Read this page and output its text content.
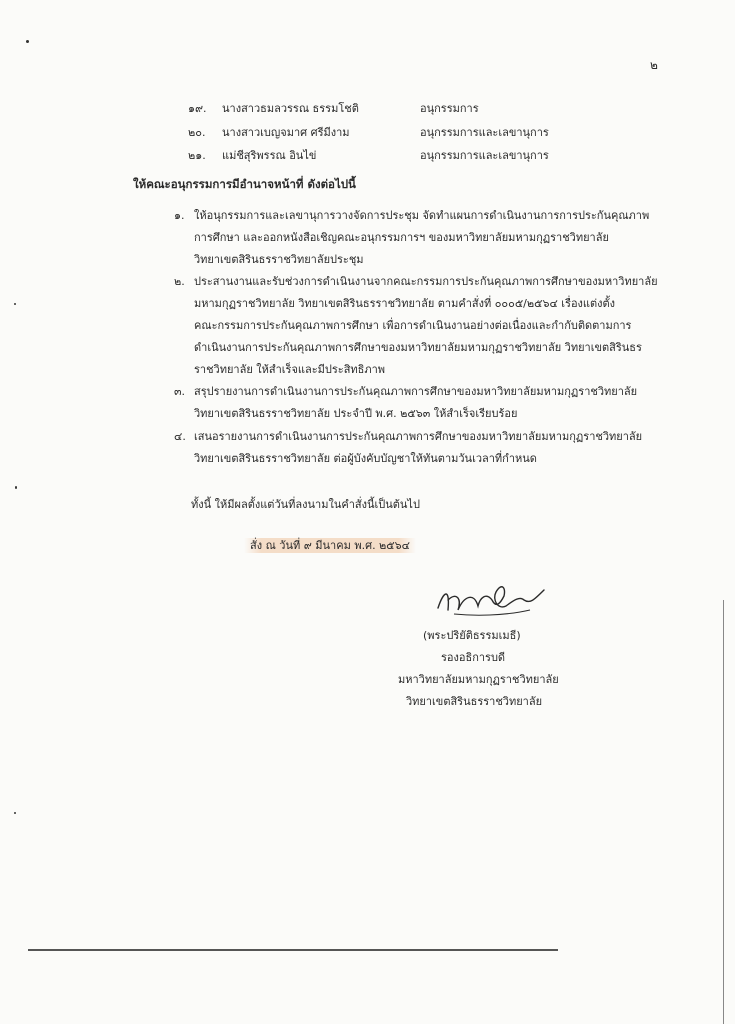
๒
๑๙. นางสาวธมลวรรณ ธรรมโชติ	อนุกรรมการ
๒๐. นางสาวเบญจมาศ ศรีมีงาม	อนุกรรมการและเลขานุการ
๒๑. แม่ชีสุริพรรณ อินไข่	อนุกรรมการและเลขานุการ
ให้คณะอนุกรรมการมีอำนาจหน้าที่ ดังต่อไปนี้
๑. ให้อนุกรรมการและเลขานุการวางจัดการประชุม จัดทำแผนการดำเนินงานการการประกันคุณภาพ
การศึกษา และออกหนังสือเชิญคณะอนุกรรมการฯ ของมหาวิทยาลัยมหามกุฏราชวิทยาลัย
วิทยาเขตสิรินธรราชวิทยาลัยประชุม
๒. ประสานงานและรับช่วงการดำเนินงานจากคณะกรรมการประกันคุณภาพการศึกษาของมหาวิทยาลัย
มหามกุฏราชวิทยาลัย วิทยาเขตสิรินธรราชวิทยาลัย ตามคำสั่งที่ ๐๐๐๕/๒๕๖๔ เรื่องแต่งตั้ง
คณะกรรมการประกันคุณภาพการศึกษา เพื่อการดำเนินงานอย่างต่อเนื่องและกำกับติดตามการ
ดำเนินงานการประกันคุณภาพการศึกษาของมหาวิทยาลัยมหามกุฏราชวิทยาลัย วิทยาเขตสิรินธร
ราชวิทยาลัย ให้สำเร็จและมีประสิทธิภาพ
๓. สรุปรายงานการดำเนินงานการประกันคุณภาพการศึกษาของมหาวิทยาลัยมหามกุฏราชวิทยาลัย
วิทยาเขตสิรินธรราชวิทยาลัย ประจำปี พ.ศ. ๒๕๖๓ ให้สำเร็จเรียบร้อย
๔. เสนอรายงานการดำเนินงานการประกันคุณภาพการศึกษาของมหาวิทยาลัยมหามกุฏราชวิทยาลัย
วิทยาเขตสิรินธรราชวิทยาลัย ต่อผู้บังคับบัญชาให้ทันตามวันเวลาที่กำหนด
ทั้งนี้ ให้มีผลตั้งแต่วันที่ลงนามในคำสั่งนี้เป็นต้นไป
สั่ง ณ วันที่ ๙ มีนาคม พ.ศ. ๒๕๖๔
(พระปริยัติธรรมเมธี)
รองอธิการบดี
มหาวิทยาลัยมหามกุฏราชวิทยาลัย
วิทยาเขตสิรินธรราชวิทยาลัย
